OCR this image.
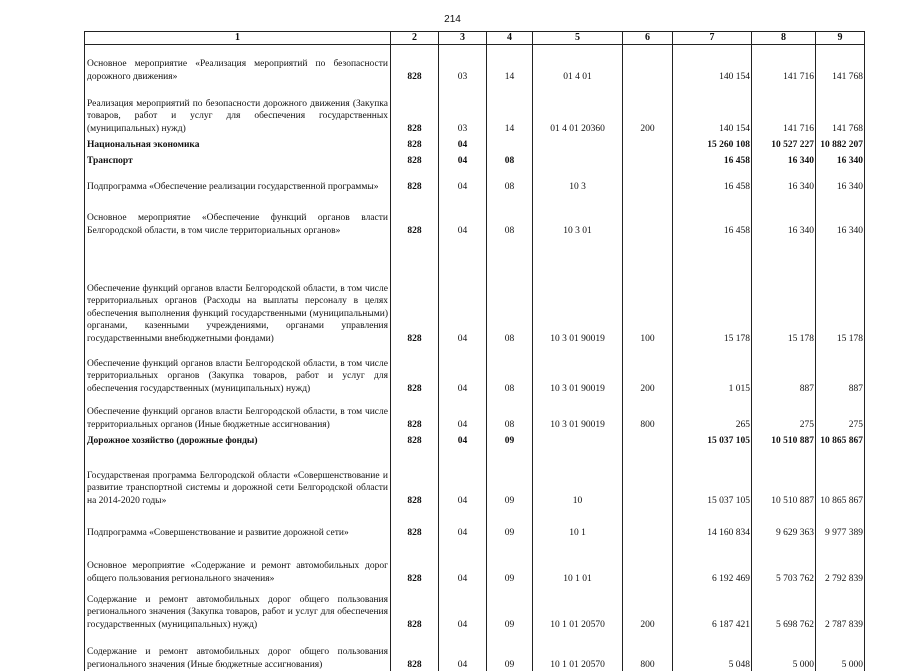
214
1	2	3	4	5	6	7	8	9
Основное мероприятие «Реализация мероприятий по безопасности дорожного движения»	828	03	14	01 4 01		140 154	141 716	141 768
Реализация мероприятий по безопасности дорожного движения (Закупка товаров, работ и услуг для обеспечения государственных (муниципальных) нужд)	828	03	14	01 4 01 20360	200	140 154	141 716	141 768
Национальная экономика	828	04				15 260 108	10 527 227	10 882 207
Транспорт	828	04	08			16 458	16 340	16 340
Подпрограмма «Обеспечение реализации государственной программы»	828	04	08	10 3		16 458	16 340	16 340
Основное мероприятие «Обеспечение функций органов власти Белгородской области, в том числе территориальных органов»	828	04	08	10 3 01		16 458	16 340	16 340
Обеспечение функций органов власти Белгородской области, в том числе территориальных органов (Расходы на выплаты персоналу в целях обеспечения выполнения функций государственными (муниципальными) органами, казенными учреждениями, органами управления государственными внебюджетными фондами)	828	04	08	10 3 01 90019	100	15 178	15 178	15 178
Обеспечение функций органов власти Белгородской области, в том числе территориальных органов (Закупка товаров, работ и услуг для обеспечения государственных (муниципальных) нужд)	828	04	08	10 3 01 90019	200	1 015	887	887
Обеспечение функций органов власти Белгородской области, в том числе территориальных органов (Иные бюджетные ассигнования)	828	04	08	10 3 01 90019	800	265	275	275
Дорожное хозяйство (дорожные фонды)	828	04	09			15 037 105	10 510 887	10 865 867
Государственая программа Белгородской области «Совершенствование и развитие транспортной системы и дорожной сети Белгородской области на 2014-2020 годы»	828	04	09	10		15 037 105	10 510 887	10 865 867
Подпрограмма «Совершенствование и развитие дорожной сети»	828	04	09	10 1		14 160 834	9 629 363	9 977 389
Основное мероприятие «Содержание и ремонт автомобильных дорог общего пользования регионального значения»	828	04	09	10 1 01		6 192 469	5 703 762	2 792 839
Содержание и ремонт автомобильных дорог общего пользования регионального значения (Закупка товаров, работ и услуг для обеспечения государственных (муниципальных) нужд)	828	04	09	10 1 01 20570	200	6 187 421	5 698 762	2 787 839
Содержание и ремонт автомобильных дорог общего пользования регионального значения (Иные бюджетные ассигнования)	828	04	09	10 1 01 20570	800	5 048	5 000	5 000
